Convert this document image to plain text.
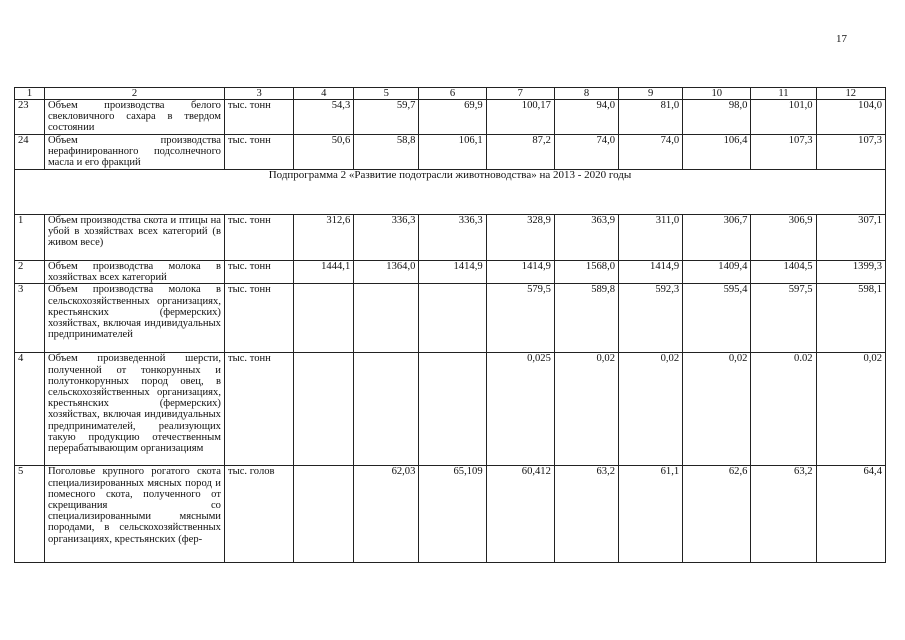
17
1	2	3	4	5	6	7	8	9	10	11	12
23	Объем производства белого свекловичного сахара в твердом состоянии	тыс. тонн	54,3	59,7	69,9	100,17	94,0	81,0	98,0	101,0	104,0
24	Объем производства нерафинированного подсолнечного масла и его фракций	тыс. тонн	50,6	58,8	106,1	87,2	74,0	74,0	106,4	107,3	107,3
Подпрограмма 2 «Развитие подотрасли животноводства» на 2013 - 2020 годы											
1	Объем производства скота и птицы на убой в хозяйствах всех категорий (в живом весе)	тыс. тонн	312,6	336,3	336,3	328,9	363,9	311,0	306,7	306,9	307,1
2	Объем производства молока в хозяйствах всех категорий	тыс. тонн	1444,1	1364,0	1414,9	1414,9	1568,0	1414,9	1409,4	1404,5	1399,3
3	Объем производства молока в сельскохозяйственных организациях, крестьянских (фермерских) хозяйствах, включая индивидуальных предпринимателей	тыс. тонн				579,5	589,8	592,3	595,4	597,5	598,1
4	Объем произведенной шерсти, полученной от тонкорунных и полутонкорунных пород овец, в сельскохозяйственных организациях, крестьянских (фермерских) хозяйствах, включая индивидуальных предпринимателей, реализующих такую продукцию отечественным перерабатывающим организациям	тыс. тонн				0,025	0,02	0,02	0,02	0.02	0,02
5	Поголовье крупного рогатого скота специализированных мясных пород и помесного скота, полученного от скрещивания со специализированными мясными породами, в сельскохозяйственных организациях, крестьянских (фер-	тыс. голов		62,03	65,109	60,412	63,2	61,1	62,6	63,2	64,4
